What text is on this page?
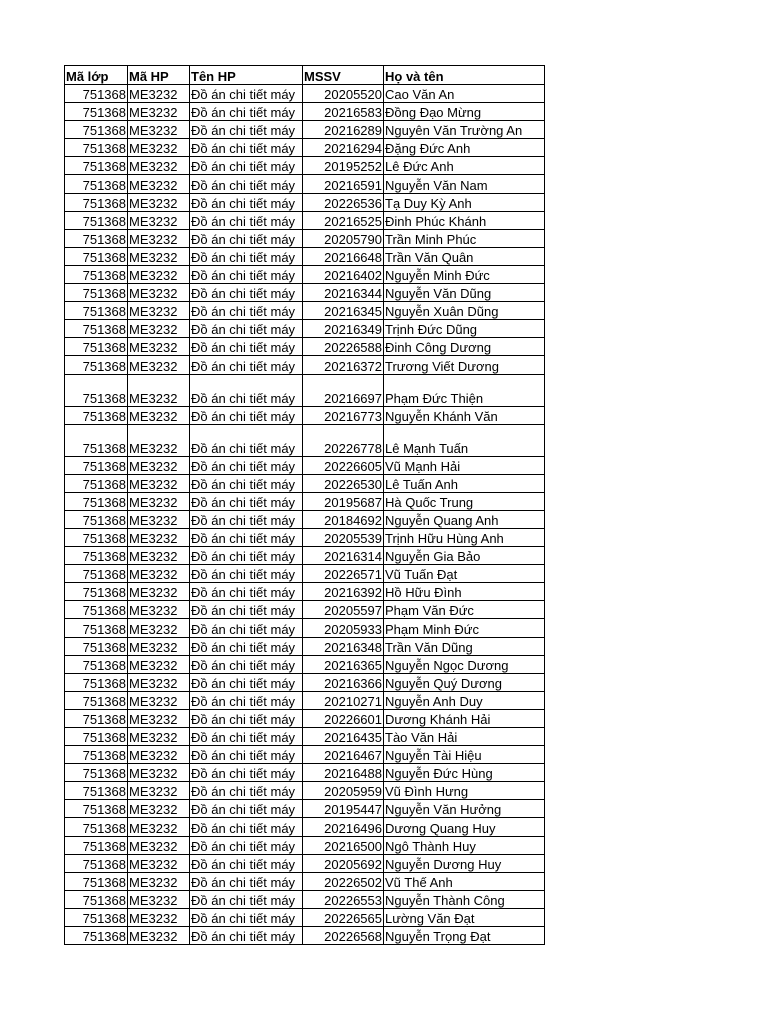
Mã lớp	Mã HP	Tên HP	MSSV	Họ và tên
751368	ME3232	Đồ án chi tiết máy	20205520	Cao Văn An
751368	ME3232	Đồ án chi tiết máy	20216583	Đồng Đạo Mừng
751368	ME3232	Đồ án chi tiết máy	20216289	Nguyên Văn Trường An
751368	ME3232	Đồ án chi tiết máy	20216294	Đặng Đức Anh
751368	ME3232	Đồ án chi tiết máy	20195252	Lê Đức Anh
751368	ME3232	Đồ án chi tiết máy	20216591	Nguyễn Văn Nam
751368	ME3232	Đồ án chi tiết máy	20226536	Tạ Duy Kỳ Anh
751368	ME3232	Đồ án chi tiết máy	20216525	Đinh Phúc Khánh
751368	ME3232	Đồ án chi tiết máy	20205790	Trần Minh Phúc
751368	ME3232	Đồ án chi tiết máy	20216648	Trần Văn Quân
751368	ME3232	Đồ án chi tiết máy	20216402	Nguyễn Minh Đức
751368	ME3232	Đồ án chi tiết máy	20216344	Nguyễn Văn Dũng
751368	ME3232	Đồ án chi tiết máy	20216345	Nguyễn Xuân Dũng
751368	ME3232	Đồ án chi tiết máy	20216349	Trịnh Đức Dũng
751368	ME3232	Đồ án chi tiết máy	20226588	Đinh Công Dương
751368	ME3232	Đồ án chi tiết máy	20216372	Trương Viết Dương
751368	ME3232	Đồ án chi tiết máy	20216697	Phạm Đức Thiện
751368	ME3232	Đồ án chi tiết máy	20216773	Nguyễn Khánh Văn
751368	ME3232	Đồ án chi tiết máy	20226778	Lê Mạnh Tuấn
751368	ME3232	Đồ án chi tiết máy	20226605	Vũ Mạnh Hải
751368	ME3232	Đồ án chi tiết máy	20226530	Lê Tuấn Anh
751368	ME3232	Đồ án chi tiết máy	20195687	Hà Quốc Trung
751368	ME3232	Đồ án chi tiết máy	20184692	Nguyễn Quang Anh
751368	ME3232	Đồ án chi tiết máy	20205539	Trịnh Hữu Hùng Anh
751368	ME3232	Đồ án chi tiết máy	20216314	Nguyễn Gia Bảo
751368	ME3232	Đồ án chi tiết máy	20226571	Vũ Tuấn Đạt
751368	ME3232	Đồ án chi tiết máy	20216392	Hồ Hữu Đình
751368	ME3232	Đồ án chi tiết máy	20205597	Phạm Văn Đức
751368	ME3232	Đồ án chi tiết máy	20205933	Phạm Minh Đức
751368	ME3232	Đồ án chi tiết máy	20216348	Trần Văn Dũng
751368	ME3232	Đồ án chi tiết máy	20216365	Nguyễn Ngọc Dương
751368	ME3232	Đồ án chi tiết máy	20216366	Nguyễn Quý Dương
751368	ME3232	Đồ án chi tiết máy	20210271	Nguyễn Anh Duy
751368	ME3232	Đồ án chi tiết máy	20226601	Dương Khánh Hải
751368	ME3232	Đồ án chi tiết máy	20216435	Tào Văn Hải
751368	ME3232	Đồ án chi tiết máy	20216467	Nguyễn Tài Hiệu
751368	ME3232	Đồ án chi tiết máy	20216488	Nguyễn Đức Hùng
751368	ME3232	Đồ án chi tiết máy	20205959	Vũ Đình Hưng
751368	ME3232	Đồ án chi tiết máy	20195447	Nguyễn Văn Hưởng
751368	ME3232	Đồ án chi tiết máy	20216496	Dương Quang Huy
751368	ME3232	Đồ án chi tiết máy	20216500	Ngô Thành Huy
751368	ME3232	Đồ án chi tiết máy	20205692	Nguyễn Dương Huy
751368	ME3232	Đồ án chi tiết máy	20226502	Vũ Thế Anh
751368	ME3232	Đồ án chi tiết máy	20226553	Nguyễn Thành Công
751368	ME3232	Đồ án chi tiết máy	20226565	Lường Văn Đạt
751368	ME3232	Đồ án chi tiết máy	20226568	Nguyễn Trọng Đạt
